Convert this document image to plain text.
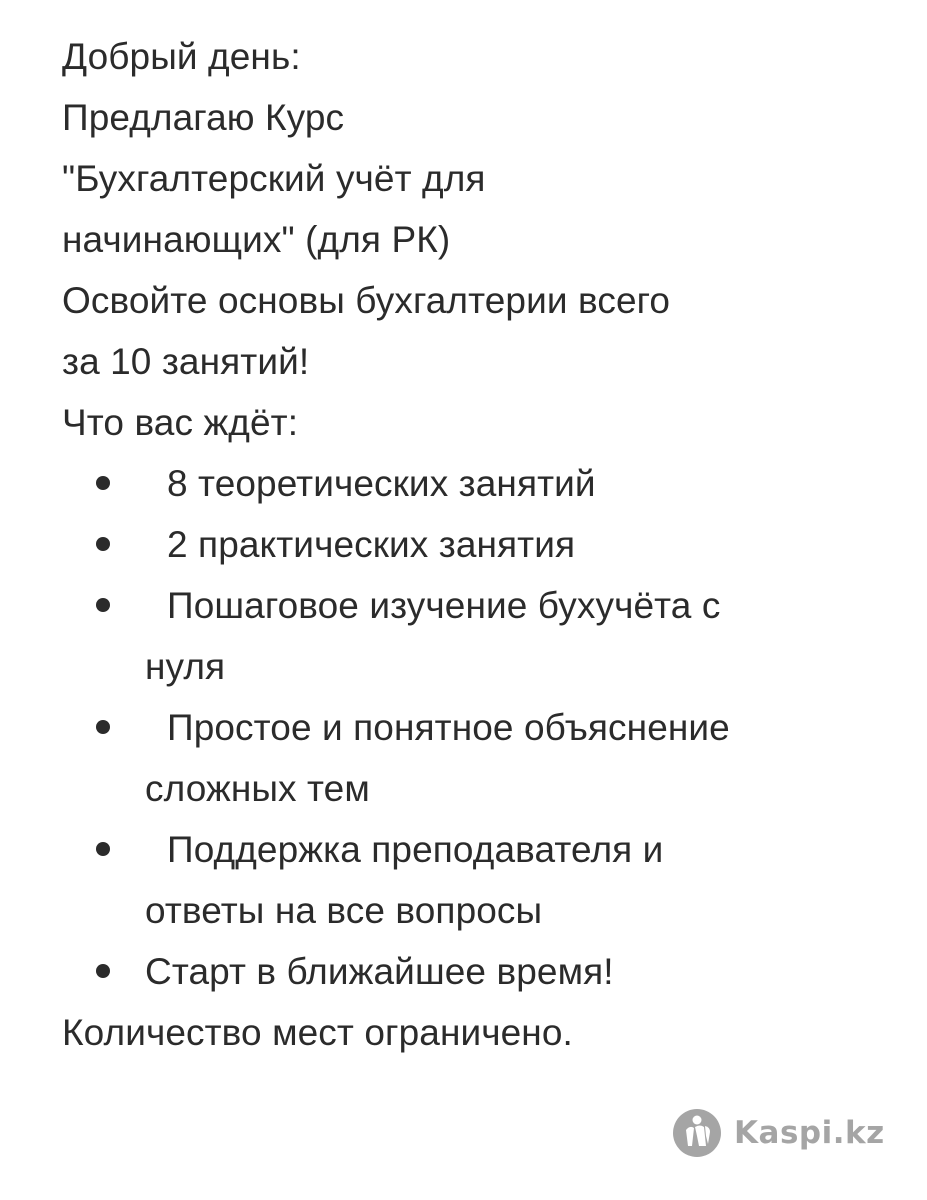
Добрый день:

Предлагаю Курс

"Бухгалтерский учёт для

начинающих" (для РК)

Освойте основы бухгалтерии всего

за 10 занятий!

Что вас ждёт:

8 теоретических занятий
2 практических занятия
Пошаговое изучение бухучёта с
нуля
Простое и понятное объяснение
сложных тем
Поддержка преподавателя и
ответы на все вопросы
Старт в ближайшее время!

Количество мест ограничено.

Kaspi.kz
